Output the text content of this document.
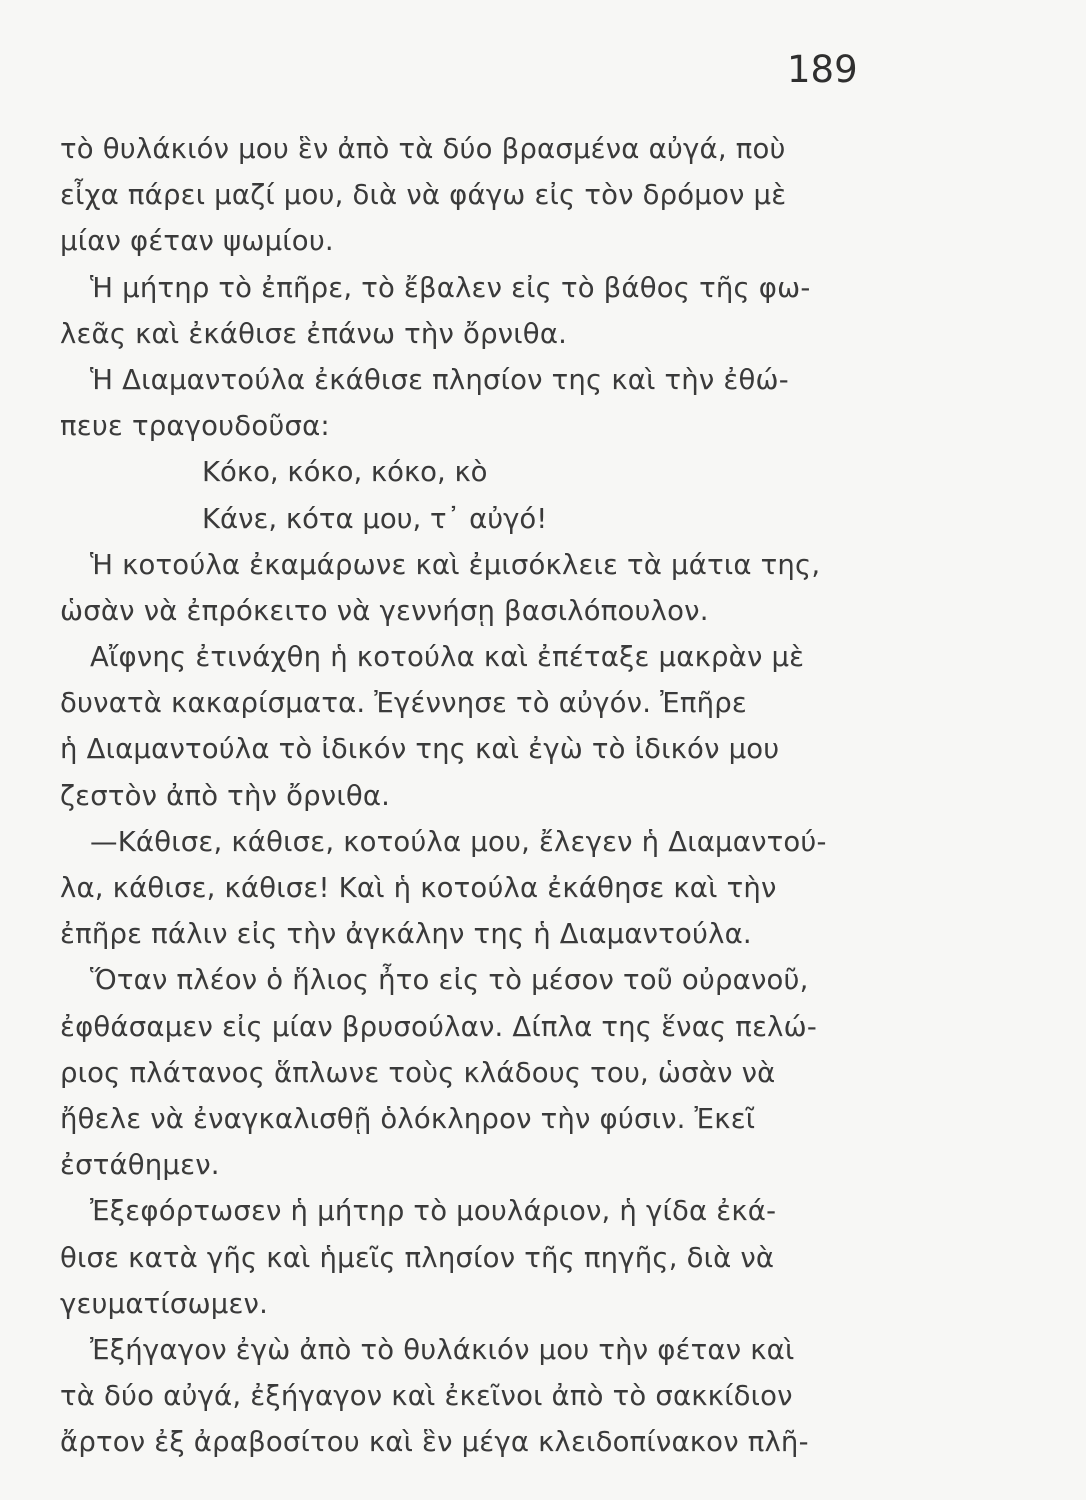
189
τὸ θυλάκιόν μου ἓν ἀπὸ τὰ δύο βρασμένα αὐγά, ποὺ
εἶχα πάρει μαζί μου, διὰ νὰ φάγω εἰς τὸν δρόμον μὲ
μίαν φέταν ψωμίου.
Ἡ μήτηρ τὸ ἐπῆρε, τὸ ἔβαλεν εἰς τὸ βάθος τῆς φω-
λεᾶς καὶ ἐκάθισε ἐπάνω τὴν ὄρνιθα.
Ἡ Διαμαντούλα ἐκάθισε πλησίον της καὶ τὴν ἐθώ-
πευε τραγουδοῦσα:
Κόκο, κόκο, κόκο, κὸ
Κάνε, κότα μου, τ᾽ αὐγό!
Ἡ κοτούλα ἐκαμάρωνε καὶ ἐμισόκλειε τὰ μάτια της,
ὡσὰν νὰ ἐπρόκειτο νὰ γεννήσῃ βασιλόπουλον.
Αἴφνης ἐτινάχθη ἡ κοτούλα καὶ ἐπέταξε μακρὰν μὲ
δυνατὰ κακαρίσματα. Ἐγέννησε τὸ αὐγόν. Ἐπῆρε
ἡ Διαμαντούλα τὸ ἰδικόν της καὶ ἐγὼ τὸ ἰδικόν μου
ζεστὸν ἀπὸ τὴν ὄρνιθα.
—Κάθισε, κάθισε, κοτούλα μου, ἔλεγεν ἡ Διαμαντού-
λα, κάθισε, κάθισε! Καὶ ἡ κοτούλα ἐκάθησε καὶ τὴν
ἐπῆρε πάλιν εἰς τὴν ἀγκάλην της ἡ Διαμαντούλα.
Ὅταν πλέον ὁ ἥλιος ἦτο εἰς τὸ μέσον τοῦ οὐρανοῦ,
ἐφθάσαμεν εἰς μίαν βρυσούλαν. Δίπλα της ἕνας πελώ-
ριος πλάτανος ἅπλωνε τοὺς κλάδους του, ὡσὰν νὰ
ἤθελε νὰ ἐναγκαλισθῇ ὁλόκληρον τὴν φύσιν. Ἐκεῖ
ἐστάθημεν.
Ἐξεφόρτωσεν ἡ μήτηρ τὸ μουλάριον, ἡ γίδα ἐκά-
θισε κατὰ γῆς καὶ ἡμεῖς πλησίον τῆς πηγῆς, διὰ νὰ
γευματίσωμεν.
Ἐξήγαγον ἐγὼ ἀπὸ τὸ θυλάκιόν μου τὴν φέταν καὶ
τὰ δύο αὐγά, ἐξήγαγον καὶ ἐκεῖνοι ἀπὸ τὸ σακκίδιον
ἄρτον ἐξ ἀραβοσίτου καὶ ἓν μέγα κλειδοπίνακον πλῆ-
